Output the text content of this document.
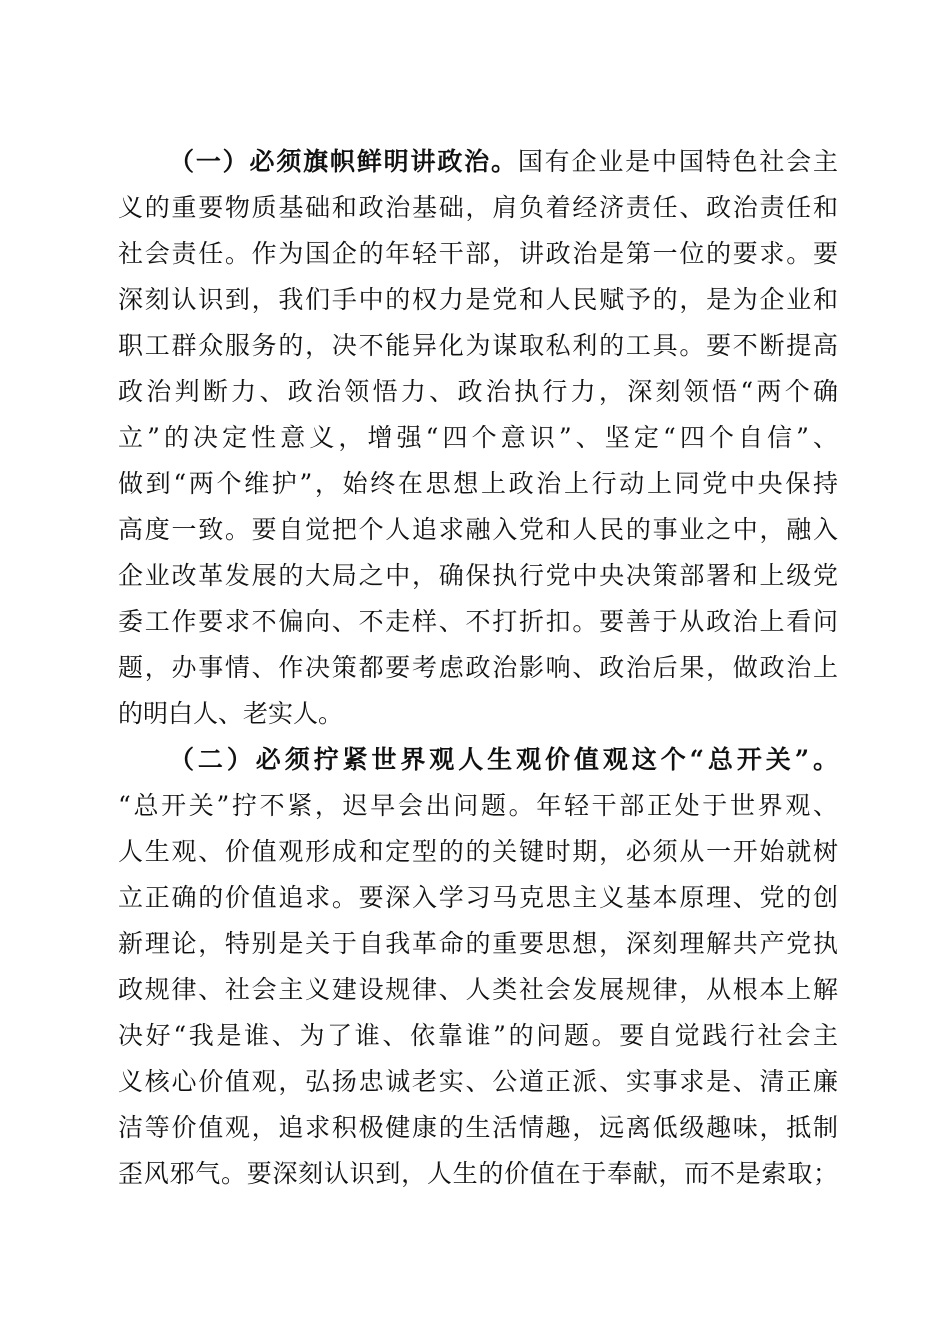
（一）必须旗帜鲜明讲政治。国有企业是中国特色社会主
义的重要物质基础和政治基础，肩负着经济责任、政治责任和
社会责任。作为国企的年轻干部，讲政治是第一位的要求。要
深刻认识到，我们手中的权力是党和人民赋予的，是为企业和
职工群众服务的，决不能异化为谋取私利的工具。要不断提高
政治判断力、政治领悟力、政治执行力，深刻领悟“两个确
立”的决定性意义，增强“四个意识”、坚定“四个自信”、
做到“两个维护”，始终在思想上政治上行动上同党中央保持
高度一致。要自觉把个人追求融入党和人民的事业之中，融入
企业改革发展的大局之中，确保执行党中央决策部署和上级党
委工作要求不偏向、不走样、不打折扣。要善于从政治上看问
题，办事情、作决策都要考虑政治影响、政治后果，做政治上
的明白人、老实人。
（二）必须拧紧世界观人生观价值观这个“总开关”。
“总开关”拧不紧，迟早会出问题。年轻干部正处于世界观、
人生观、价值观形成和定型的的关键时期，必须从一开始就树
立正确的价值追求。要深入学习马克思主义基本原理、党的创
新理论，特别是关于自我革命的重要思想，深刻理解共产党执
政规律、社会主义建设规律、人类社会发展规律，从根本上解
决好“我是谁、为了谁、依靠谁”的问题。要自觉践行社会主
义核心价值观，弘扬忠诚老实、公道正派、实事求是、清正廉
洁等价值观，追求积极健康的生活情趣，远离低级趣味，抵制
歪风邪气。要深刻认识到，人生的价值在于奉献，而不是索取；
